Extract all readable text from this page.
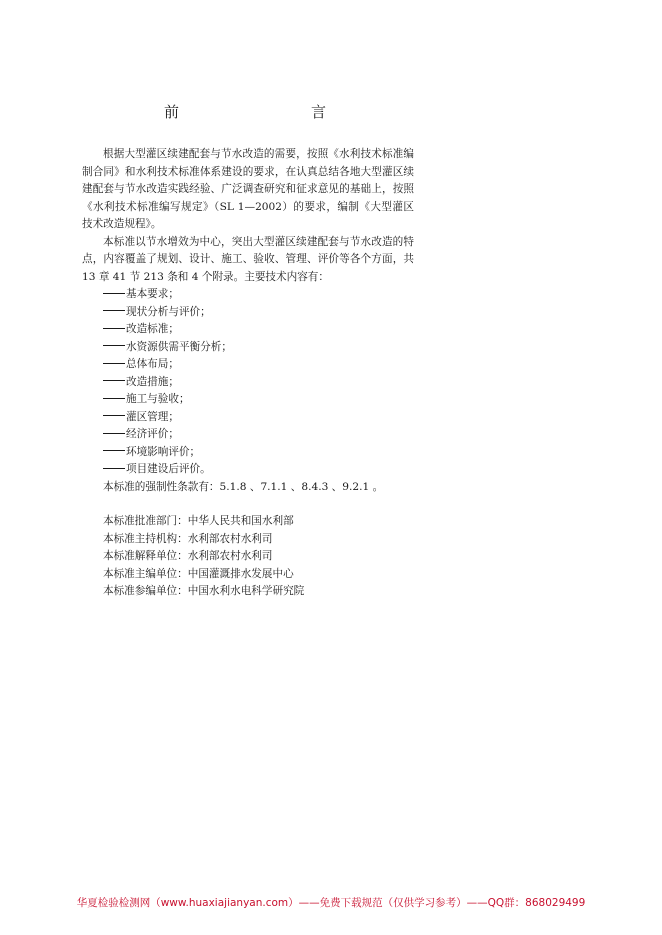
前　　言

根据大型灌区续建配套与节水改造的需要，按照《水利技术标准编制合同》和水利技术标准体系建设的要求，在认真总结各地大型灌区续建配套与节水改造实践经验、广泛调查研究和征求意见的基础上，按照《水利技术标准编写规定》（SL 1—2002）的要求，编制《大型灌区技术改造规程》。

本标准以节水增效为中心，突出大型灌区续建配套与节水改造的特点，内容覆盖了规划、设计、施工、验收、管理、评价等各个方面，共 13 章 41 节 213 条和 4 个附录。主要技术内容有：

基本要求；
现状分析与评价；
改造标准；
水资源供需平衡分析；
总体布局；
改造措施；
施工与验收；
灌区管理；
经济评价；
环境影响评价；
项目建设后评价。

本标准的强制性条款有：5.1.8 、7.1.1 、8.4.3 、9.2.1 。

本标准批准部门：中华人民共和国水利部

本标准主持机构：水利部农村水利司

本标准解释单位：水利部农村水利司

本标准主编单位：中国灌溉排水发展中心

本标准参编单位：中国水利水电科学研究院

华夏检验检测网（www.huaxiajianyan.com）——免费下载规范（仅供学习参考）——QQ群：868029499
